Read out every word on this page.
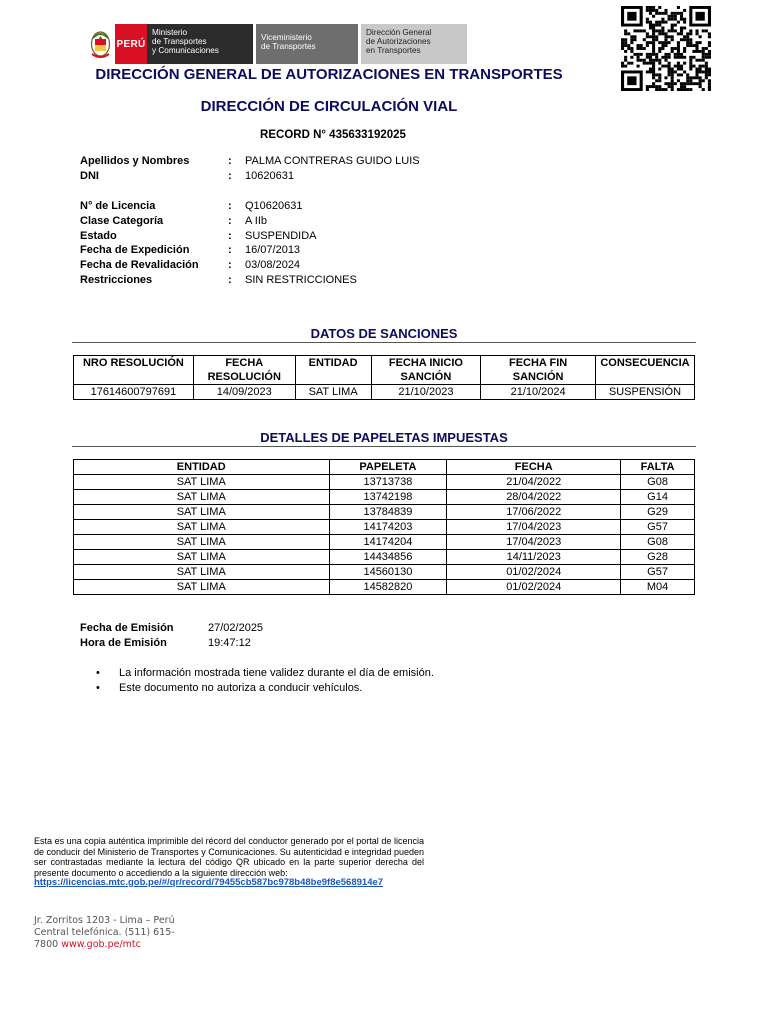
PERÚ
Ministerio
de Transportes
y Comunicaciones
Viceministerio
de Transportes
Dirección General
de Autorizaciones
en Transportes
DIRECCIÓN GENERAL DE AUTORIZACIONES EN TRANSPORTES
DIRECCIÓN DE CIRCULACIÓN VIAL
RECORD N° 435633192025
Apellidos y Nombres	: PALMA CONTRERAS GUIDO LUIS
DNI	: 10620631
N° de Licencia	: Q10620631
Clase Categoría	: A IIb
Estado	: SUSPENDIDA
Fecha de Expedición	: 16/07/2013
Fecha de Revalidación	: 03/08/2024
Restricciones	: SIN RESTRICCIONES
DATOS DE SANCIONES
NRO RESOLUCIÓN	FECHA RESOLUCIÓN	ENTIDAD	FECHA INICIO SANCIÓN	FECHA FIN SANCIÓN	CONSECUENCIA
17614600797691	14/09/2023	SAT LIMA	21/10/2023	21/10/2024	SUSPENSIÓN
DETALLES DE PAPELETAS IMPUESTAS
ENTIDAD	PAPELETA	FECHA	FALTA
SAT LIMA	13713738	21/04/2022	G08
SAT LIMA	13742198	28/04/2022	G14
SAT LIMA	13784839	17/06/2022	G29
SAT LIMA	14174203	17/04/2023	G57
SAT LIMA	14174204	17/04/2023	G08
SAT LIMA	14434856	14/11/2023	G28
SAT LIMA	14560130	01/02/2024	G57
SAT LIMA	14582820	01/02/2024	M04
Fecha de Emisión	27/02/2025
Hora de Emisión	19:47:12
• La información mostrada tiene validez durante el día de emisión.
• Este documento no autoriza a conducir vehículos.
Esta es una copia auténtica imprimible del récord del conductor generado por el portal de licencia de conducir del Ministerio de Transportes y Comunicaciones. Su autenticidad e integridad pueden ser contrastadas mediante la lectura del código QR ubicado en la parte superior derecha del presente documento o accediendo a la siguiente dirección web:
https://licencias.mtc.gob.pe/#/qr/record/79455cb587bc978b48be9f8e568914e7
Jr. Zorritos 1203 - Lima – Perú
Central telefónica. (511) 615-7800 www.gob.pe/mtc
